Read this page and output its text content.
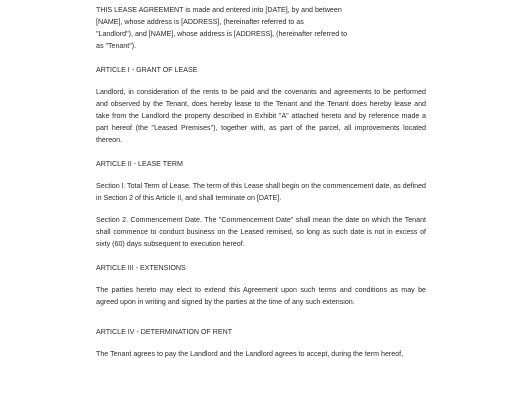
THIS LEASE AGREEMENT is made and entered into [DATE], by and between
[NAME], whose address is [ADDRESS], (hereinafter referred to as
"Landlord"), and [NAME], whose address is [ADDRESS], (hereinafter referred to
as "Tenant").
ARTICLE I - GRANT OF LEASE

Landlord, in consideration of the rents to be paid and the covenants and agreements to be performed and observed by the Tenant, does hereby lease to the Tenant and the Tenant does hereby lease and take from the Landlord the property described in Exhibit "A" attached hereto and by reference made a part hereof (the "Leased Premises"), together with, as part of the parcel, all improvements located thereon.

ARTICLE II - LEASE TERM

Section l. Total Term of Lease. The term of this Lease shall begin on the commencement date, as defined in Section 2 of this Article II, and shall terminate on [DATE].

Section 2. Commencement Date. The "Commencement Date" shall mean the date on which the Tenant shall commence to conduct business on the Leased remised, so long as such date is not in excess of sixty (60) days subsequent to execution hereof.

ARTICLE III - EXTENSIONS

The parties hereto may elect to extend this Agreement upon such terms and conditions as may be agreed upon in writing and signed by the parties at the time of any such extension.

ARTICLE IV - DETERMINATION OF RENT

The Tenant agrees to pay the Landlord and the Landlord agrees to accept, during the term hereof,
